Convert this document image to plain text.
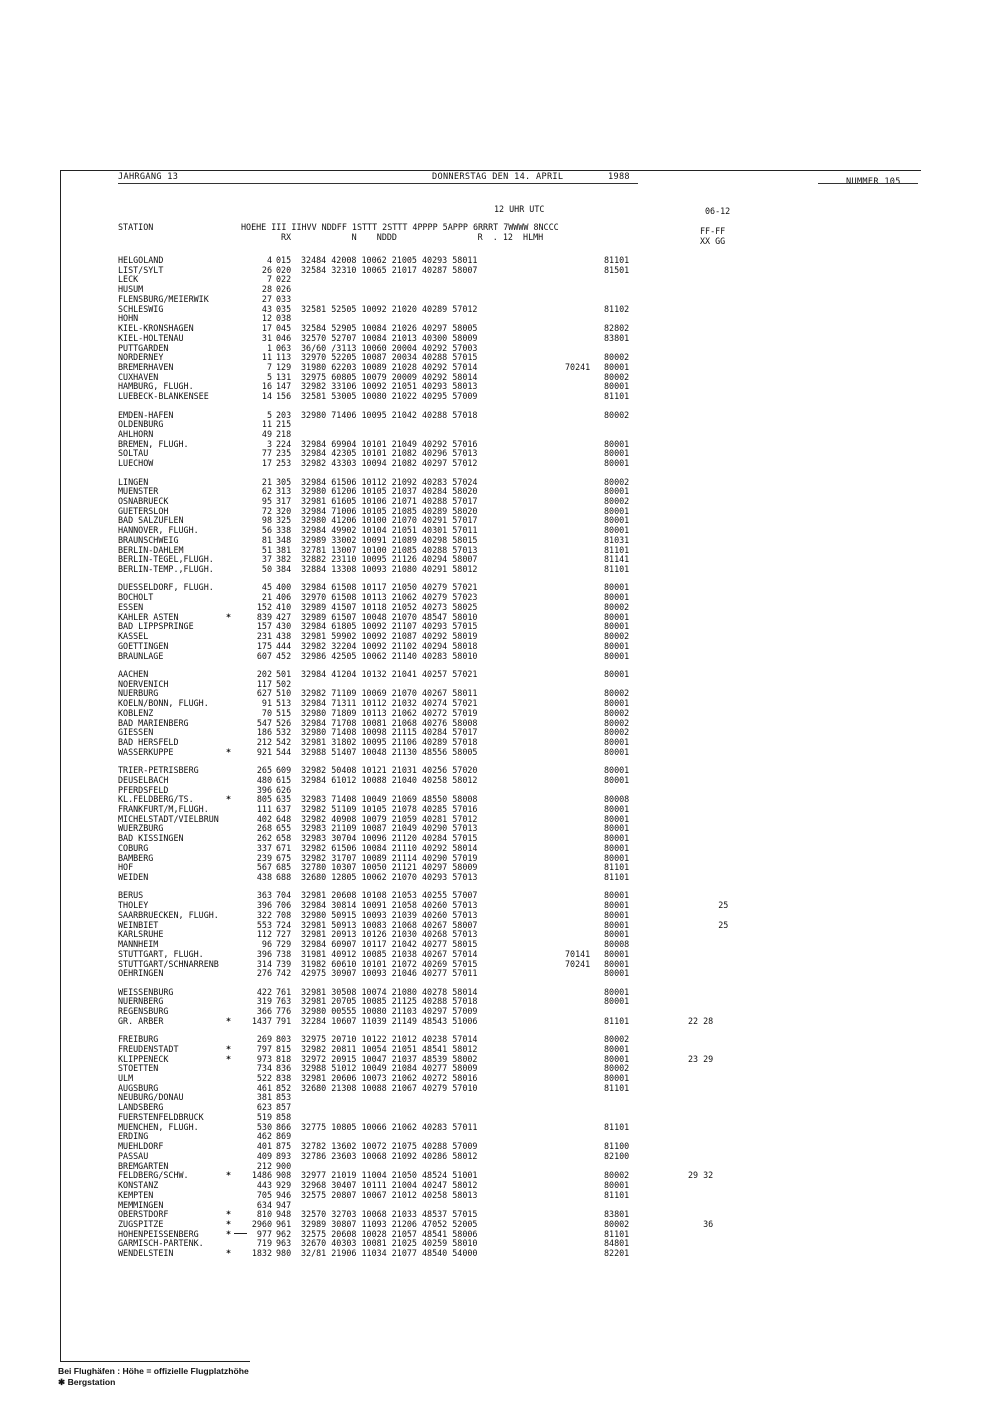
JAHRGANG 13	DONNERSTAG DEN 14. APRIL	1988	NUMMER 105
12 UHR UTC	06-12
STATION	HOEHE III IIHVV NDDFF 1STTT 2STTT 4PPPP 5APPP 6RRRT 7WWWW 8NCCC
RX            N    NDDD                R  . 12  HLMH
FF-FF
XX GG
HELGOLAND	4 015 32484 42008 10062 21005 40293 58011	81101
LIST/SYLT	26 020 32584 32310 10065 21017 40287 58007	81501
LECK	7 022
HUSUM	28 026
FLENSBURG/MEIERWIK	27 033
SCHLESWIG	43 035 32581 52505 10092 21020 40289 57012	81102
HOHN	12 038
KIEL-KRONSHAGEN	17 045 32584 52905 10084 21026 40297 58005	82802
KIEL-HOLTENAU	31 046 32570 52707 10084 21013 40300 58009	83801
PUTTGARDEN	1 063 36/60 /3113 10060 20004 40292 57003
NORDERNEY	11 113 32970 52205 10087 20034 40288 57015	80002
BREMERHAVEN	7 129 31980 62203 10089 21028 40292 57014	70241 80001
CUXHAVEN	5 131 32975 60805 10079 20009 40292 58014	80002
HAMBURG, FLUGH.	16 147 32982 33106 10092 21051 40293 58013	80001
LUEBECK-BLANKENSEE	14 156 32581 53005 10080 21022 40295 57009	81101
EMDEN-HAFEN	5 203 32980 71406 10095 21042 40288 57018	80002
OLDENBURG	11 215
AHLHORN	49 218
BREMEN, FLUGH.	3 224 32984 69904 10101 21049 40292 57016	80001
SOLTAU	77 235 32984 42305 10101 21082 40296 57013	80001
LUECHOW	17 253 32982 43303 10094 21082 40297 57012	80001
LINGEN	21 305 32984 61506 10112 21092 40283 57024	80002
MUENSTER	62 313 32980 61206 10105 21037 40284 58020	80001
OSNABRUECK	95 317 32981 61605 10106 21071 40288 57017	80002
GUETERSLOH	72 320 32984 71006 10105 21085 40289 58020	80001
BAD SALZUFLEN	98 325 32980 41206 10100 21070 40291 57017	80001
HANNOVER, FLUGH.	56 338 32984 49902 10104 21051 40301 57011	80001
BRAUNSCHWEIG	81 348 32989 33002 10091 21089 40298 58015	81031
BERLIN-DAHLEM	51 381 32781 13007 10100 21085 40288 57013	81101
BERLIN-TEGEL,FLUGH.	37 382 32882 23110 10095 21126 40294 58007	81141
BERLIN-TEMP.,FLUGH.	50 384 32884 13308 10093 21080 40291 58012	81101
DUESSELDORF, FLUGH.	45 400 32984 61508 10117 21050 40279 57021	80001
BOCHOLT	21 406 32970 61508 10113 21062 40279 57023	80001
ESSEN	152 410 32989 41507 10118 21052 40273 58025	80002
KAHLER ASTEN	*	839 427 32989 61507 10048 21070 48547 58010	80001
BAD LIPPSPRINGE	157 430 32984 61805 10092 21107 40293 57015	80001
KASSEL	231 438 32981 59902 10092 21087 40292 58019	80002
GOETTINGEN	175 444 32982 32204 10092 21102 40294 58018	80001
BRAUNLAGE	607 452 32986 42505 10062 21140 40283 58010	80001
AACHEN	202 501 32984 41204 10132 21041 40257 57021	80001
NOERVENICH	117 502
NUERBURG	627 510 32982 71109 10069 21070 40267 58011	80002
KOELN/BONN, FLUGH.	91 513 32984 71311 10112 21032 40274 57021	80001
KOBLENZ	70 515 32980 71809 10113 21062 40272 57019	80002
BAD MARIENBERG	547 526 32984 71708 10081 21068 40276 58008	80002
GIESSEN	186 532 32980 71408 10098 21115 40284 57017	80002
BAD HERSFELD	212 542 32981 31802 10095 21106 40289 57018	80001
WASSERKUPPE	*	921 544 32988 51407 10048 21130 48556 58005	80001
TRIER-PETRISBERG	265 609 32982 50408 10121 21031 40256 57020	80001
DEUSELBACH	480 615 32984 61012 10088 21040 40258 58012	80001
PFERDSFELD	396 626
KL.FELDBERG/TS.	*	805 635 32983 71408 10049 21069 48550 58008	80008
FRANKFURT/M,FLUGH.	111 637 32982 51109 10105 21078 40285 57016	80001
MICHELSTADT/VIELBRUN	402 648 32982 40908 10079 21059 40281 57012	80001
WUERZBURG	268 655 32983 21109 10087 21049 40290 57013	80001
BAD KISSINGEN	262 658 32983 30704 10096 21120 40284 57015	80001
COBURG	337 671 32982 61506 10084 21110 40292 58014	80001
BAMBERG	239 675 32982 31707 10089 21114 40290 57019	80001
HOF	567 685 32780 10307 10050 21121 40297 58009	81101
WEIDEN	438 688 32680 12805 10062 21070 40293 57013	81101
BERUS	363 704 32981 20608 10108 21053 40255 57007	80001
THOLEY	396 706 32984 30814 10091 21058 40260 57013	80001	25
SAARBRUECKEN, FLUGH.	322 708 32980 50915 10093 21039 40260 57013	80001
WEINBIET	553 724 32981 50913 10083 21068 40267 58007	80001	25
KARLSRUHE	112 727 32981 20913 10126 21030 40268 57013	80001
MANNHEIM	96 729 32984 60907 10117 21042 40277 58015	80008
STUTTGART, FLUGH.	396 738 31981 40912 10085 21038 40267 57014	70141 80001
STUTTGART/SCHNARRENB	314 739 31982 60610 10101 21072 40269 57015	70241 80001
OEHRINGEN	276 742 42975 30907 10093 21046 40277 57011	80001
WEISSENBURG	422 761 32981 30508 10074 21080 40278 58014	80001
NUERNBERG	319 763 32981 20705 10085 21125 40288 57018	80001
REGENSBURG	366 776 32980 00555 10080 21103 40297 57009
GR. ARBER	*	1437 791 32284 10607 11039 21149 48543 51006	81101	22 28
FREIBURG	269 803 32975 20710 10122 21012 40238 57014	80002
FREUDENSTADT	*	797 815 32982 20811 10054 21051 48541 58012	80001
KLIPPENECK	*	973 818 32972 20915 10047 21037 48539 58002	80001	23 29
STOETTEN	734 836 32988 51012 10049 21084 40277 58009	80002
ULM	522 838 32981 20606 10073 21062 40272 58016	80001
AUGSBURG	461 852 32680 21308 10088 21067 40279 57010	81101
NEUBURG/DONAU	381 853
LANDSBERG	623 857
FUERSTENFELDBRUCK	519 858
MUENCHEN, FLUGH.	530 866 32775 10805 10066 21062 40283 57011	81101
ERDING	462 869
MUEHLDORF	401 875 32782 13602 10072 21075 40288 57009	81100
PASSAU	409 893 32786 23603 10068 21092 40286 58012	82100
BREMGARTEN	212 900
FELDBERG/SCHW.	*	1486 908 32977 21019 11004 21050 48524 51001	80002	29 32
KONSTANZ	443 929 32968 30407 10111 21004 40247 58012	80001
KEMPTEN	705 946 32575 20807 10067 21012 40258 58013	81101
MEMMINGEN	634 947
OBERSTDORF	*	810 948 32570 32703 10068 21033 48537 57015	83801
ZUGSPITZE	*	2960 961 32989 30807 11093 21206 47052 52005	80002	36
HOHENPEISSENBERG	*	977 962 32575 20608 10028 21057 48541 58006	81101
GARMISCH-PARTENK.	719 963 32670 40303 10081 21025 40259 58010	84801
WENDELSTEIN	*	1832 980 32/81 21906 11034 21077 48540 54000	82201
Bei Flughäfen : Höhe = offizielle Flugplatzhöhe
✱ Bergstation
